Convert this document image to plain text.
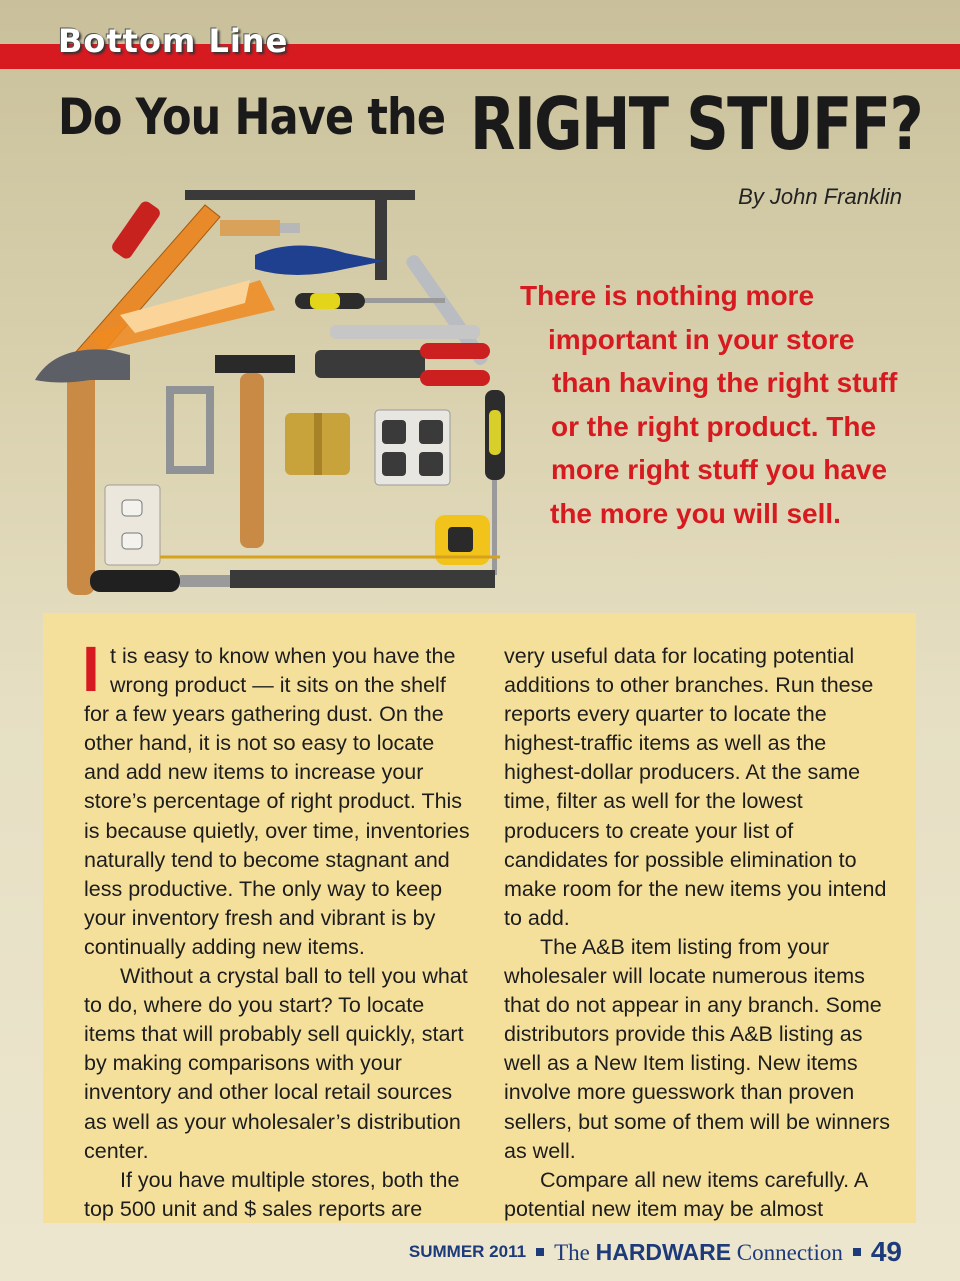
Bottom Line
Do You Have the RIGHT STUFF?
By John Franklin
There is nothing more
important in your store
than having the right stuff
or the right product. The
more right stuff you have
the more you will sell.

I t is easy to know when you have the wrong product — it sits on the shelf for a few years gathering dust. On the other hand, it is not so easy to locate and add new items to increase your store’s percentage of right product. This is because quietly, over time, inventories naturally tend to become stagnant and less productive. The only way to keep your inventory fresh and vibrant is by continually adding new items.

Without a crystal ball to tell you what to do, where do you start? To locate items that will probably sell quickly, start by making comparisons with your inventory and other local retail sources as well as your wholesaler’s distribution center.

If you have multiple stores, both the top 500 unit and $ sales reports are

very useful data for locating potential additions to other branches. Run these reports every quarter to locate the highest-traffic items as well as the highest-dollar producers. At the same time, filter as well for the lowest producers to create your list of candidates for possible elimination to make room for the new items you intend to add.

The A&B item listing from your wholesaler will locate numerous items that do not appear in any branch. Some distributors provide this A&B listing as well as a New Item listing. New items involve more guesswork than proven sellers, but some of them will be winners as well.

Compare all new items carefully. A potential new item may be almost

SUMMER 2011 The HARDWARE Connection 49
